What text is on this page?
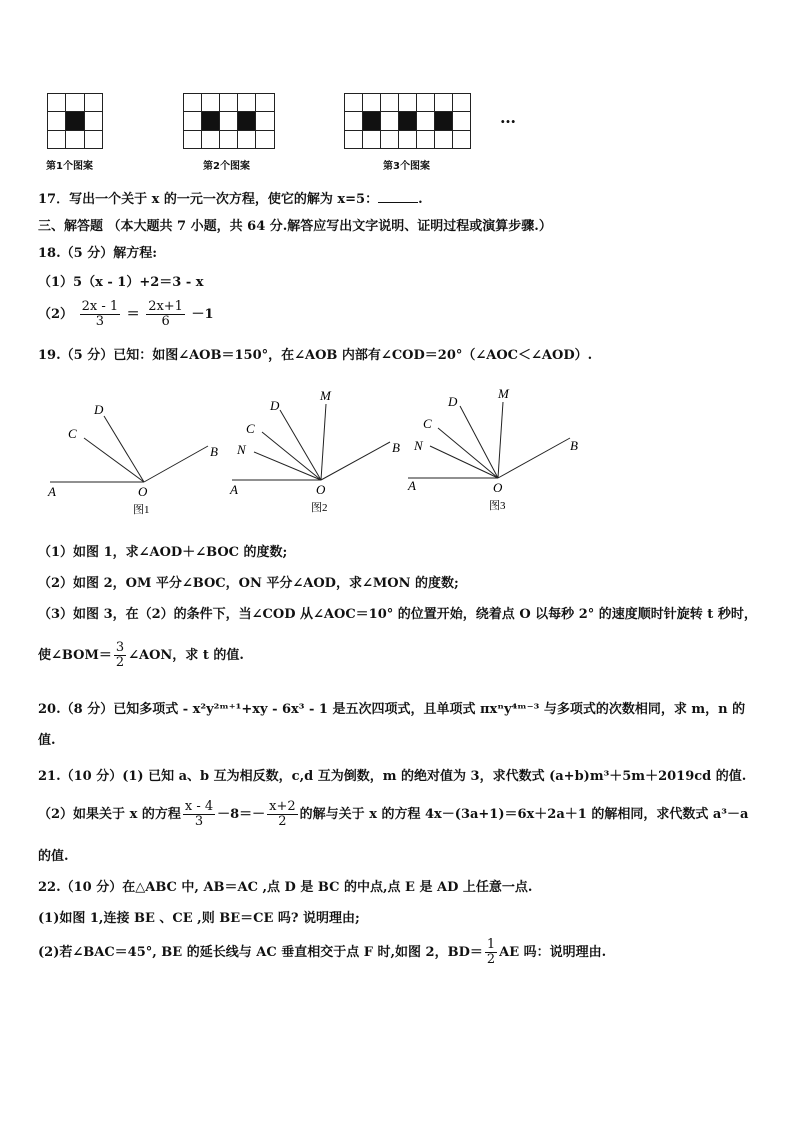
第1个图案	第2个图案	第3个图案
…
17．写出一个关于 x 的一元一次方程，使它的解为 x=5：	.
三、解答题 （本大题共 7 小题，共 64 分.解答应写出文字说明、证明过程或演算步骤.）
18.（5 分）解方程:
（1）5（x - 1）+2＝3 - x
$(2) \frac{2x - 1}{3} = \frac{2x+1}{6} -1$
19.（5 分）已知：如图∠AOB＝150°，在∠AOB 内部有∠COD＝20°（∠AOC＜∠AOD）.
A	O
B
C
D
图1
A	O
B
M
D
C
N
图2
A	O
B
M
D
C
N
图3
（1）如图 1，求∠AOD＋∠BOC 的度数;
（2）如图 2，OM 平分∠BOC，ON 平分∠AOD，求∠MON 的度数;
（3）如图 3，在（2）的条件下，当∠COD 从∠AOC＝10° 的位置开始，绕着点 O 以每秒 2° 的速度顺时针旋转 t 秒时，
使∠BOM＝ $\frac{3}{2}$ ∠AON，求 t 的值.
20.（8 分）已知多项式 - x²y²ᵐ⁺¹+xy - 6x³ - 1 是五次四项式，且单项式 πxⁿy⁴ᵐ⁻³ 与多项式的次数相同，求 m，n 的
值.
21.（10 分）(1) 已知 a、b 互为相反数，c,d 互为倒数，m 的绝对值为 3，求代数式 (a+b)m³＋5m＋2019cd 的值.
（2）如果关于 x 的方程 $\frac{x - 4}{3} -8=- \frac{x+2}{2}$ 的解与关于 x 的方程 4x－(3a+1)＝6x＋2a＋1 的解相同，求代数式 a³－a
的值.
22.（10 分）在△ABC 中, AB＝AC ,点 D 是 BC 的中点,点 E 是 AD 上任意一点.
(1)如图 1,连接 BE 、CE ,则 BE＝CE 吗? 说明理由;
(2)若∠BAC＝45°, BE 的延长线与 AC 垂直相交于点 F 时,如图 2，$BD= \frac{1}{2}$ AE 吗：说明理由.
